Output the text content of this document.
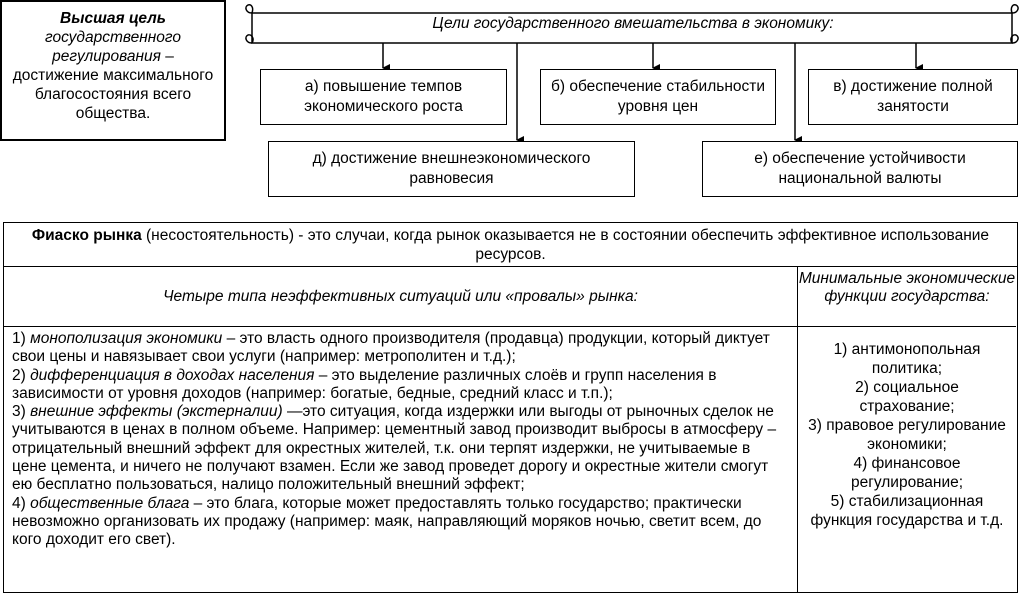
Высшая цель
государственного регулирования – достижение максимального благосостояния всего общества.
Цели государственного вмешательства в экономику:
а) повышение темпов экономического роста
б) обеспечение стабильности уровня цен
в) достижение полной занятости
д) достижение внешнеэкономического равновесия
е) обеспечение устойчивости национальной валюты
Фиаско рынка (несостоятельность) - это случаи, когда рынок оказывается не в состоянии обеспечить эффективное использование ресурсов.
Четыре типа неэффективных ситуаций или «провалы» рынка:
Минимальные экономические функции государства:

1) монополизация экономики – это власть одного производителя (продавца) продукции, который диктует свои цены и навязывает свои услуги (например: метрополитен и т.д.);

2) дифференциация в доходах населения – это выделение различных слоёв и групп населения в зависимости от уровня доходов (например: богатые, бедные, средний класс и т.п.);

3) внешние эффекты (экстерналии) —это ситуация, когда издержки или выгоды от рыночных сделок не учитываются в ценах в полном объеме. Например: цементный завод производит выбросы в атмосферу – отрицательный внешний эффект для окрестных жителей, т.к. они терпят издержки, не учитываемые в цене цемента, и ничего не получают взамен. Если же завод проведет дорогу и окрестные жители смогут ею бесплатно пользоваться, налицо положительный внешний эффект;

4) общественные блага – это блага, которые может предоставлять только государство; практически невозможно организовать их продажу (например: маяк, направляющий моряков ночью, светит всем, до кого доходит его свет).

1) антимонопольная политика;
2) социальное страхование;
3) правовое регулирование экономики;
4) финансовое регулирование;
5) стабилизационная функция государства и т.д.
